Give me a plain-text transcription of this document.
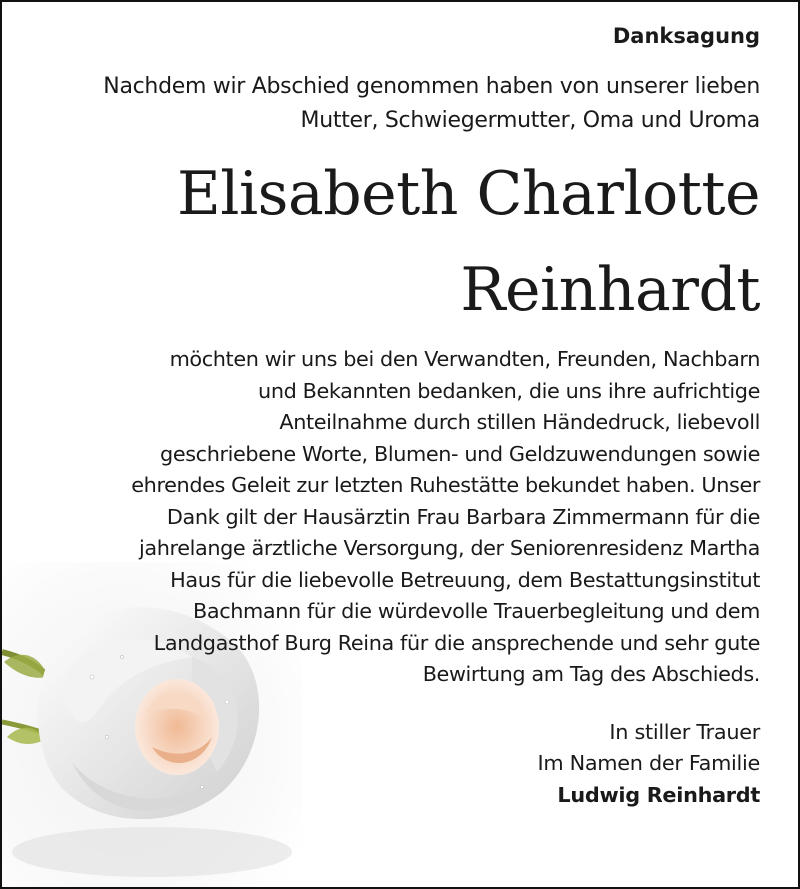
Danksagung
Nachdem wir Abschied genommen haben von unserer lieben
Mutter, Schwiegermutter, Oma und Uroma
Elisabeth Charlotte
Reinhardt
möchten wir uns bei den Verwandten, Freunden, Nachbarn
und Bekannten bedanken, die uns ihre aufrichtige
Anteilnahme durch stillen Händedruck, liebevoll
geschriebene Worte, Blumen- und Geldzuwendungen sowie
ehrendes Geleit zur letzten Ruhestätte bekundet haben. Unser
Dank gilt der Hausärztin Frau Barbara Zimmermann für die
jahrelange ärztliche Versorgung, der Seniorenresidenz Martha
Haus für die liebevolle Betreuung, dem Bestattungsinstitut
Bachmann für die würdevolle Trauerbegleitung und dem
Landgasthof Burg Reina für die ansprechende und sehr gute
Bewirtung am Tag des Abschieds.
In stiller Trauer
Im Namen der Familie
Ludwig Reinhardt
